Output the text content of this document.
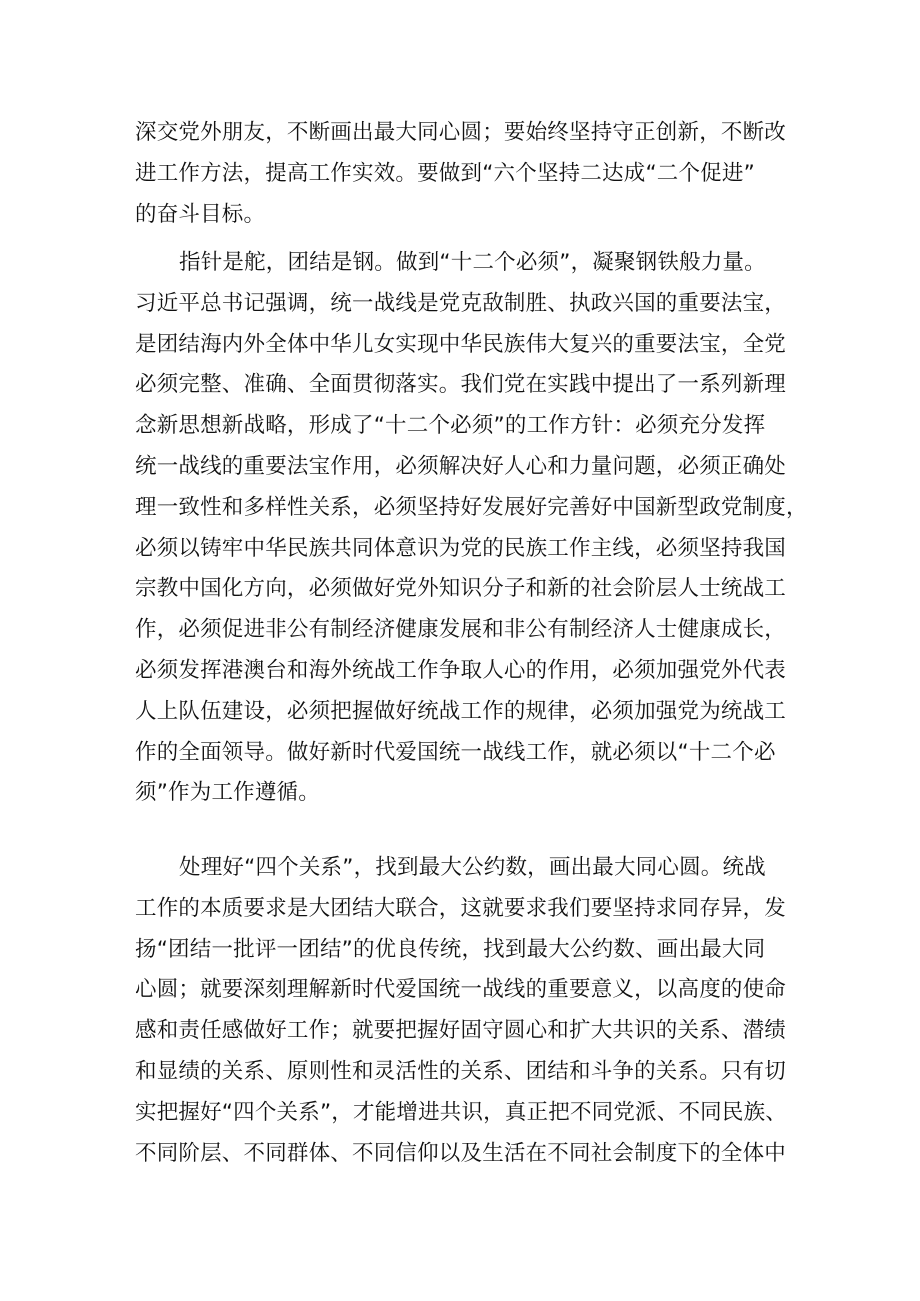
深交党外朋友，不断画出最大同心圆；要始终坚持守正创新，不断改
进工作方法，提高工作实效。要做到“六个坚持二达成“二个促进”
的奋斗目标。
指针是舵，团结是钢。做到“十二个必须”，凝聚钢铁般力量。
习近平总书记强调，统一战线是党克敌制胜、执政兴国的重要法宝，
是团结海内外全体中华儿女实现中华民族伟大复兴的重要法宝，全党
必须完整、准确、全面贯彻落实。我们党在实践中提出了一系列新理
念新思想新战略，形成了“十二个必须”的工作方针：必须充分发挥
统一战线的重要法宝作用，必须解决好人心和力量问题，必须正确处
理一致性和多样性关系，必须坚持好发展好完善好中国新型政党制度，
必须以铸牢中华民族共同体意识为党的民族工作主线，必须坚持我国
宗教中国化方向，必须做好党外知识分子和新的社会阶层人士统战工
作，必须促进非公有制经济健康发展和非公有制经济人士健康成长，
必须发挥港澳台和海外统战工作争取人心的作用，必须加强党外代表
人上队伍建设，必须把握做好统战工作的规律，必须加强党为统战工
作的全面领导。做好新时代爱国统一战线工作，就必须以“十二个必
须”作为工作遵循。
处理好“四个关系”，找到最大公约数，画出最大同心圆。统战
工作的本质要求是大团结大联合，这就要求我们要坚持求同存异，发
扬“团结一批评一团结”的优良传统，找到最大公约数、画出最大同
心圆；就要深刻理解新时代爱国统一战线的重要意义，以高度的使命
感和责任感做好工作；就要把握好固守圆心和扩大共识的关系、潜绩
和显绩的关系、原则性和灵活性的关系、团结和斗争的关系。只有切
实把握好“四个关系”，才能增进共识，真正把不同党派、不同民族、
不同阶层、不同群体、不同信仰以及生活在不同社会制度下的全体中
